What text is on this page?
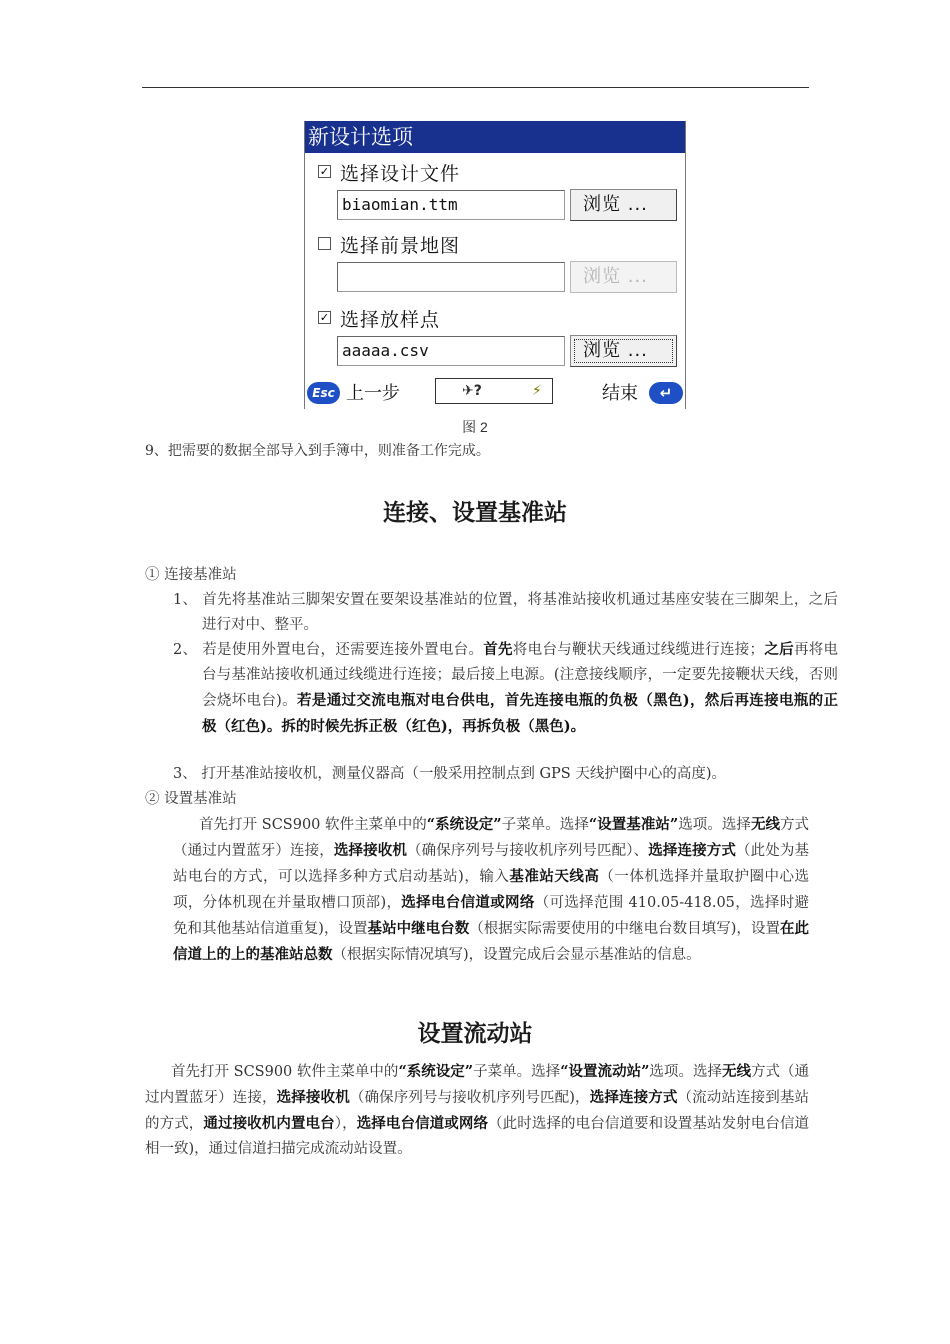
新设计选项
✓ 选择设计文件
biaomian.ttm	浏览 ...
选择前景地图
浏览 ...
✓ 选择放样点
aaaaa.csv	浏览 ...
Esc 上一步	✈?	⚡	结束	↵
图 2
9、把需要的数据全部导入到手簿中，则准备工作完成。
连接、设置基准站
① 连接基准站
1、 首先将基准站三脚架安置在要架设基准站的位置，将基准站接收机通过基座安装在三脚架上，之后进行对中、整平。
2、 若是使用外置电台，还需要连接外置电台。首先将电台与鞭状天线通过线缆进行连接；之后再将电台与基准站接收机通过线缆进行连接；最后接上电源。(注意接线顺序，一定要先接鞭状天线，否则会烧坏电台)。若是通过交流电瓶对电台供电，首先连接电瓶的负极（黑色)，然后再连接电瓶的正极（红色)。拆的时候先拆正极（红色)，再拆负极（黑色)。
3、 打开基准站接收机，测量仪器高（一般采用控制点到 GPS 天线护圈中心的高度)。
② 设置基准站
首先打开 SCS900 软件主菜单中的“系统设定”子菜单。选择“设置基准站”选项。选择无线方式（通过内置蓝牙）连接，选择接收机（确保序列号与接收机序列号匹配）、选择连接方式（此处为基站电台的方式，可以选择多种方式启动基站)，输入基准站天线高（一体机选择并量取护圈中心选项，分体机现在并量取槽口顶部)，选择电台信道或网络（可选择范围 410.05-418.05，选择时避免和其他基站信道重复)，设置基站中继电台数（根据实际需要使用的中继电台数目填写)，设置在此信道上的上的基准站总数（根据实际情况填写)，设置完成后会显示基准站的信息。
设置流动站
首先打开 SCS900 软件主菜单中的“系统设定”子菜单。选择“设置流动站”选项。选择无线方式（通过内置蓝牙）连接，选择接收机（确保序列号与接收机序列号匹配)，选择连接方式（流动站连接到基站的方式，通过接收机内置电台），选择电台信道或网络（此时选择的电台信道要和设置基站发射电台信道相一致)，通过信道扫描完成流动站设置。
